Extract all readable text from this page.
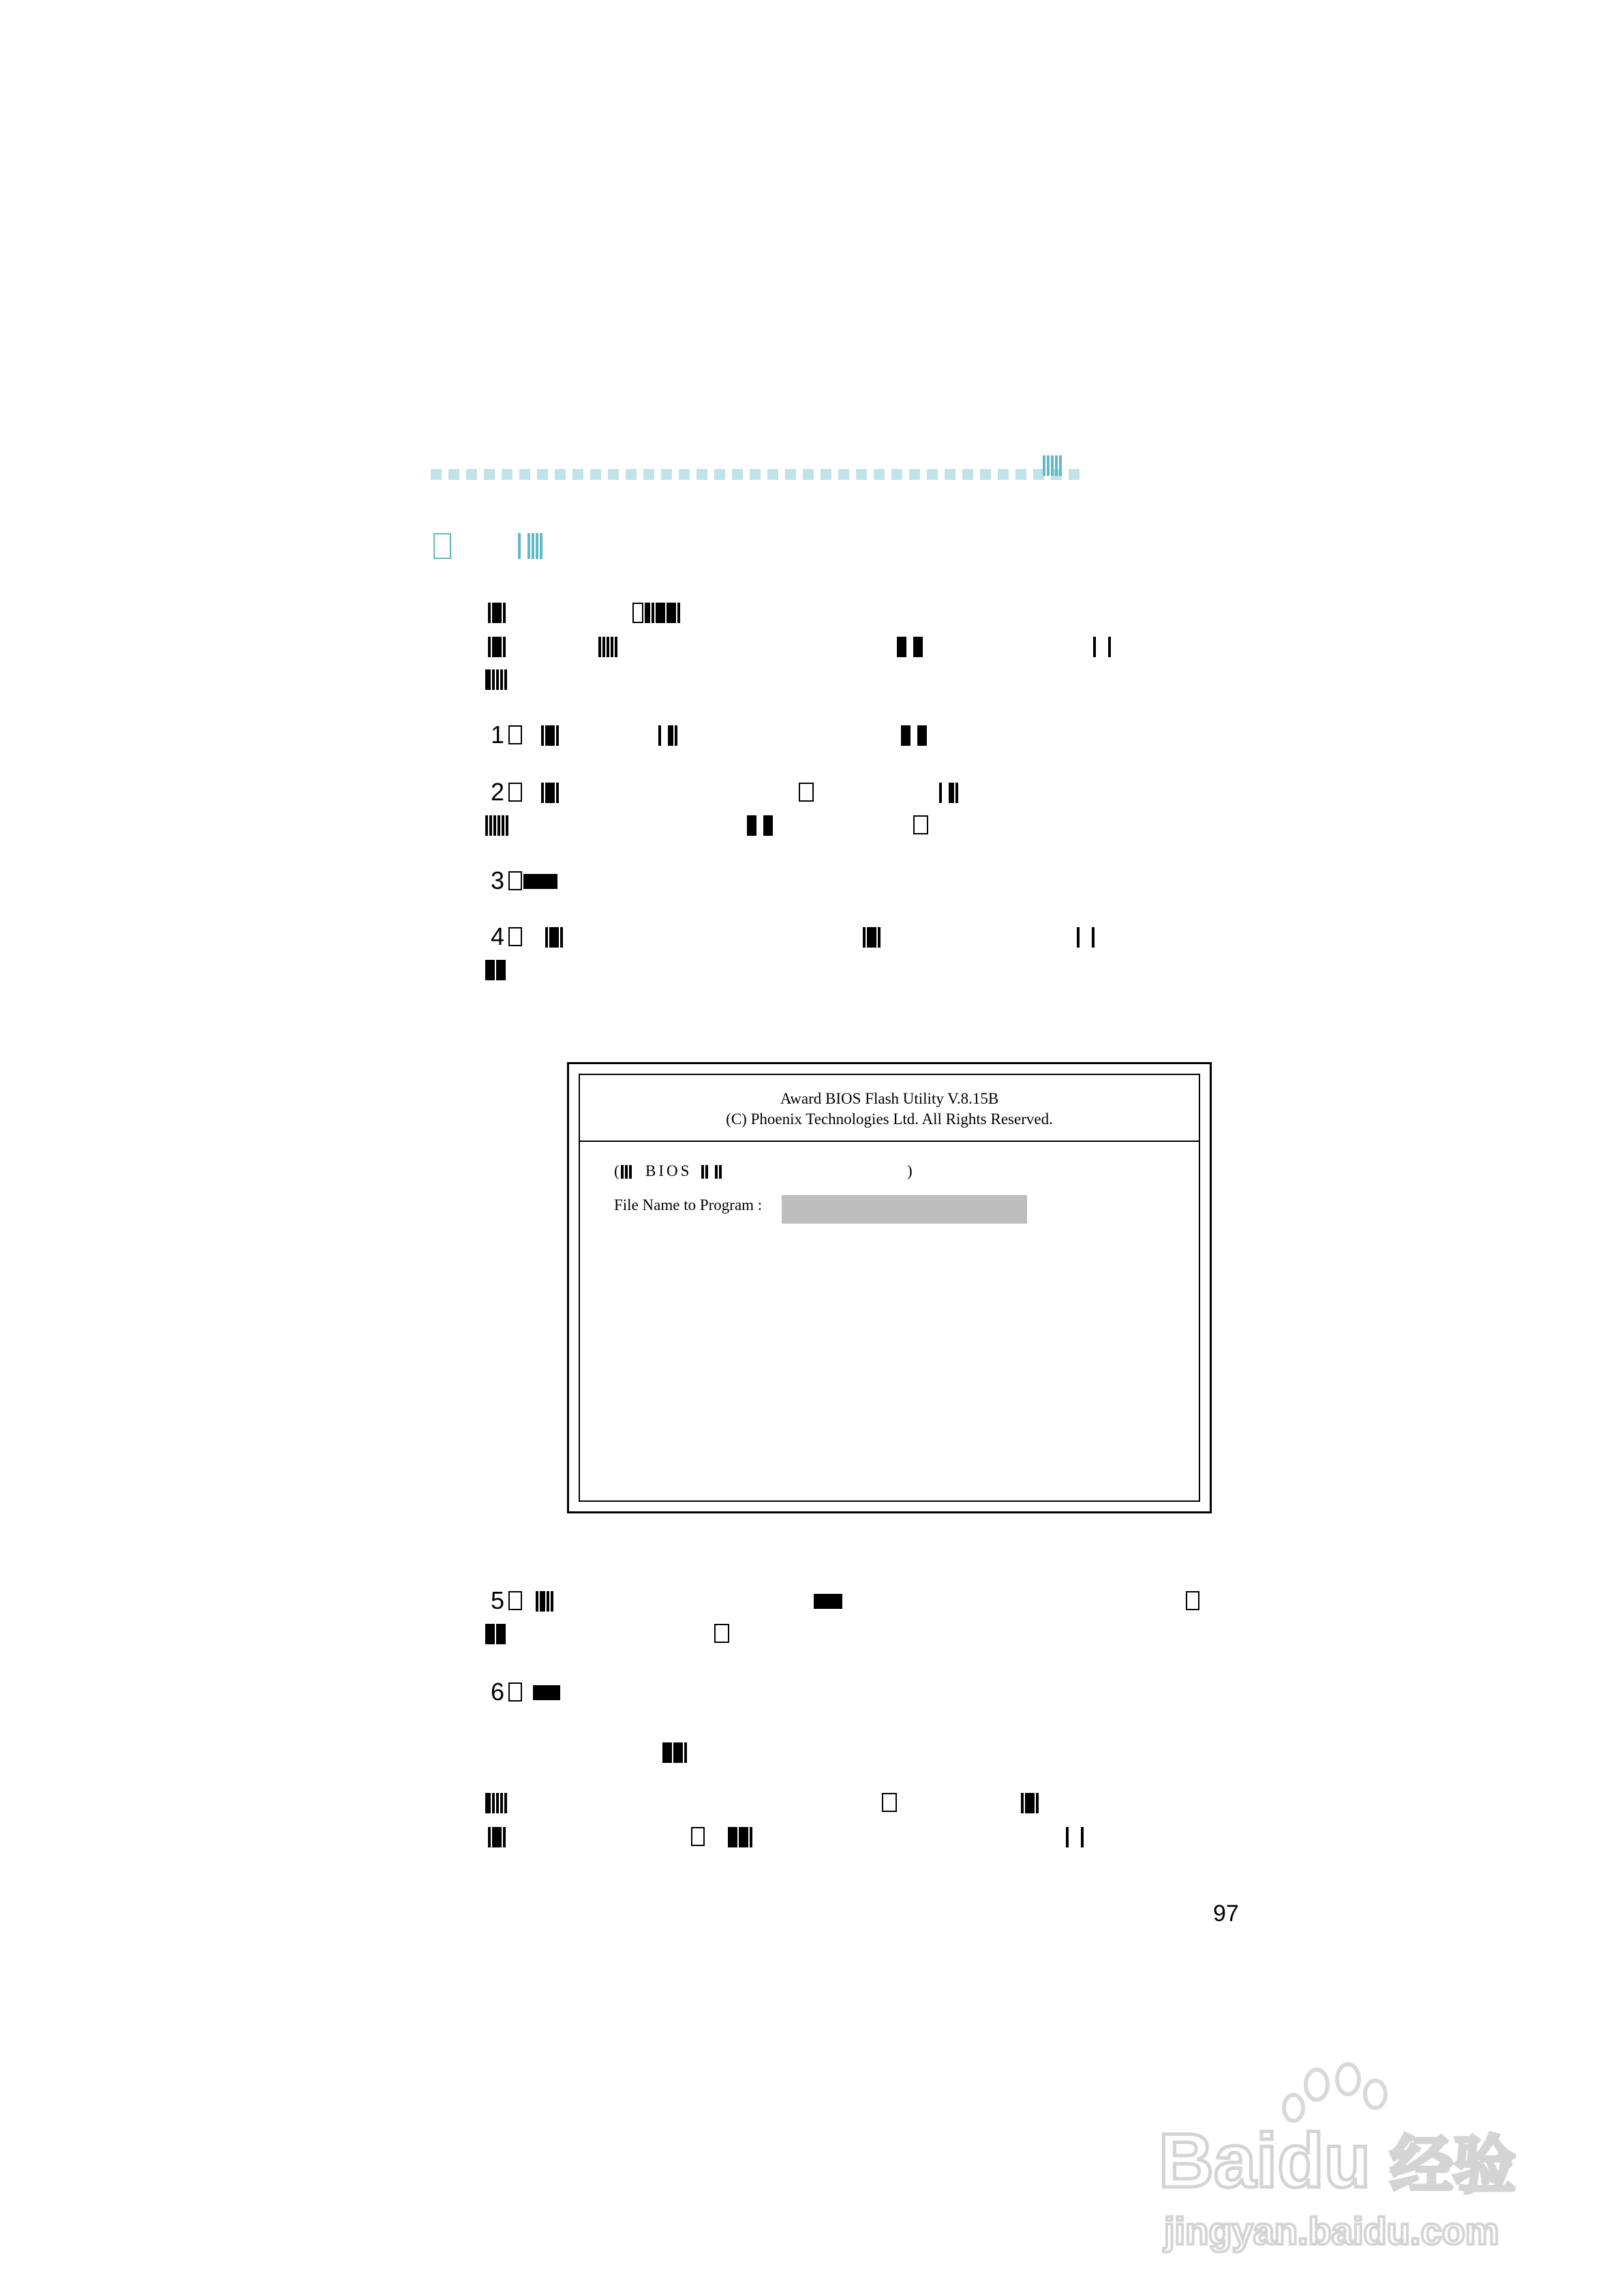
1
2
3
4
Award BIOS Flash Utility V.8.15B
(C) Phoenix Technologies Ltd. All Rights Reserved.
( BIOS	)
File Name to Program :
5
6
97
Baidu 经验
jingyan.baidu.com
